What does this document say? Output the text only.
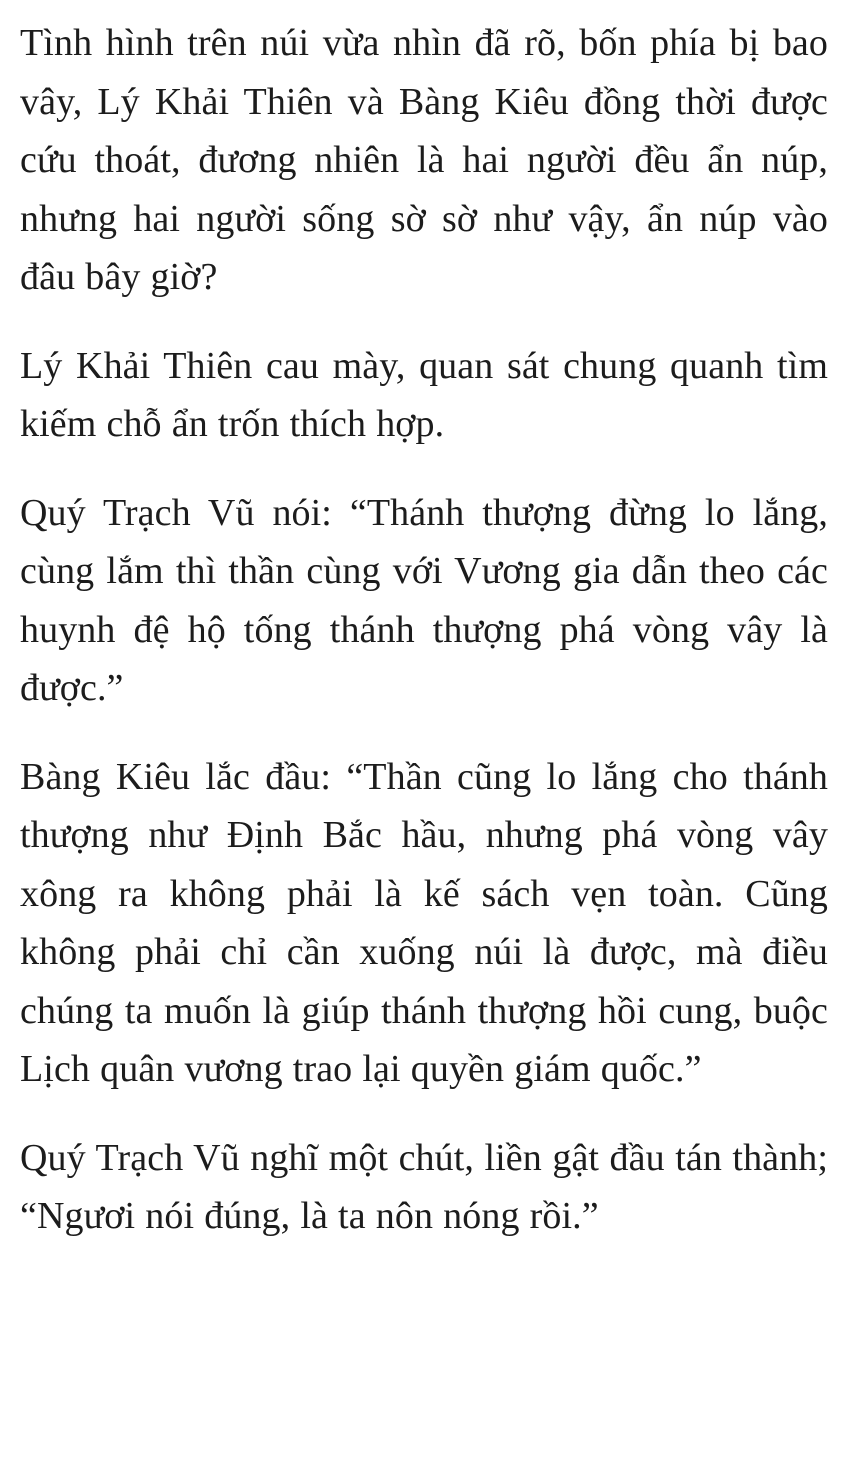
Tình hình trên núi vừa nhìn đã rõ, bốn phía bị bao vây, Lý Khải Thiên và Bàng Kiêu đồng thời được cứu thoát, đương nhiên là hai người đều ẩn núp, nhưng hai người sống sờ sờ như vậy, ẩn núp vào đâu bây giờ?

Lý Khải Thiên cau mày, quan sát chung quanh tìm kiếm chỗ ẩn trốn thích hợp.

Quý Trạch Vũ nói: “Thánh thượng đừng lo lắng, cùng lắm thì thần cùng với Vương gia dẫn theo các huynh đệ hộ tống thánh thượng phá vòng vây là được.”

Bàng Kiêu lắc đầu: “Thần cũng lo lắng cho thánh thượng như Định Bắc hầu, nhưng phá vòng vây xông ra không phải là kế sách vẹn toàn. Cũng không phải chỉ cần xuống núi là được, mà điều chúng ta muốn là giúp thánh thượng hồi cung, buộc Lịch quân vương trao lại quyền giám quốc.”

Quý Trạch Vũ nghĩ một chút, liền gật đầu tán thành; “Ngươi nói đúng, là ta nôn nóng rồi.”
